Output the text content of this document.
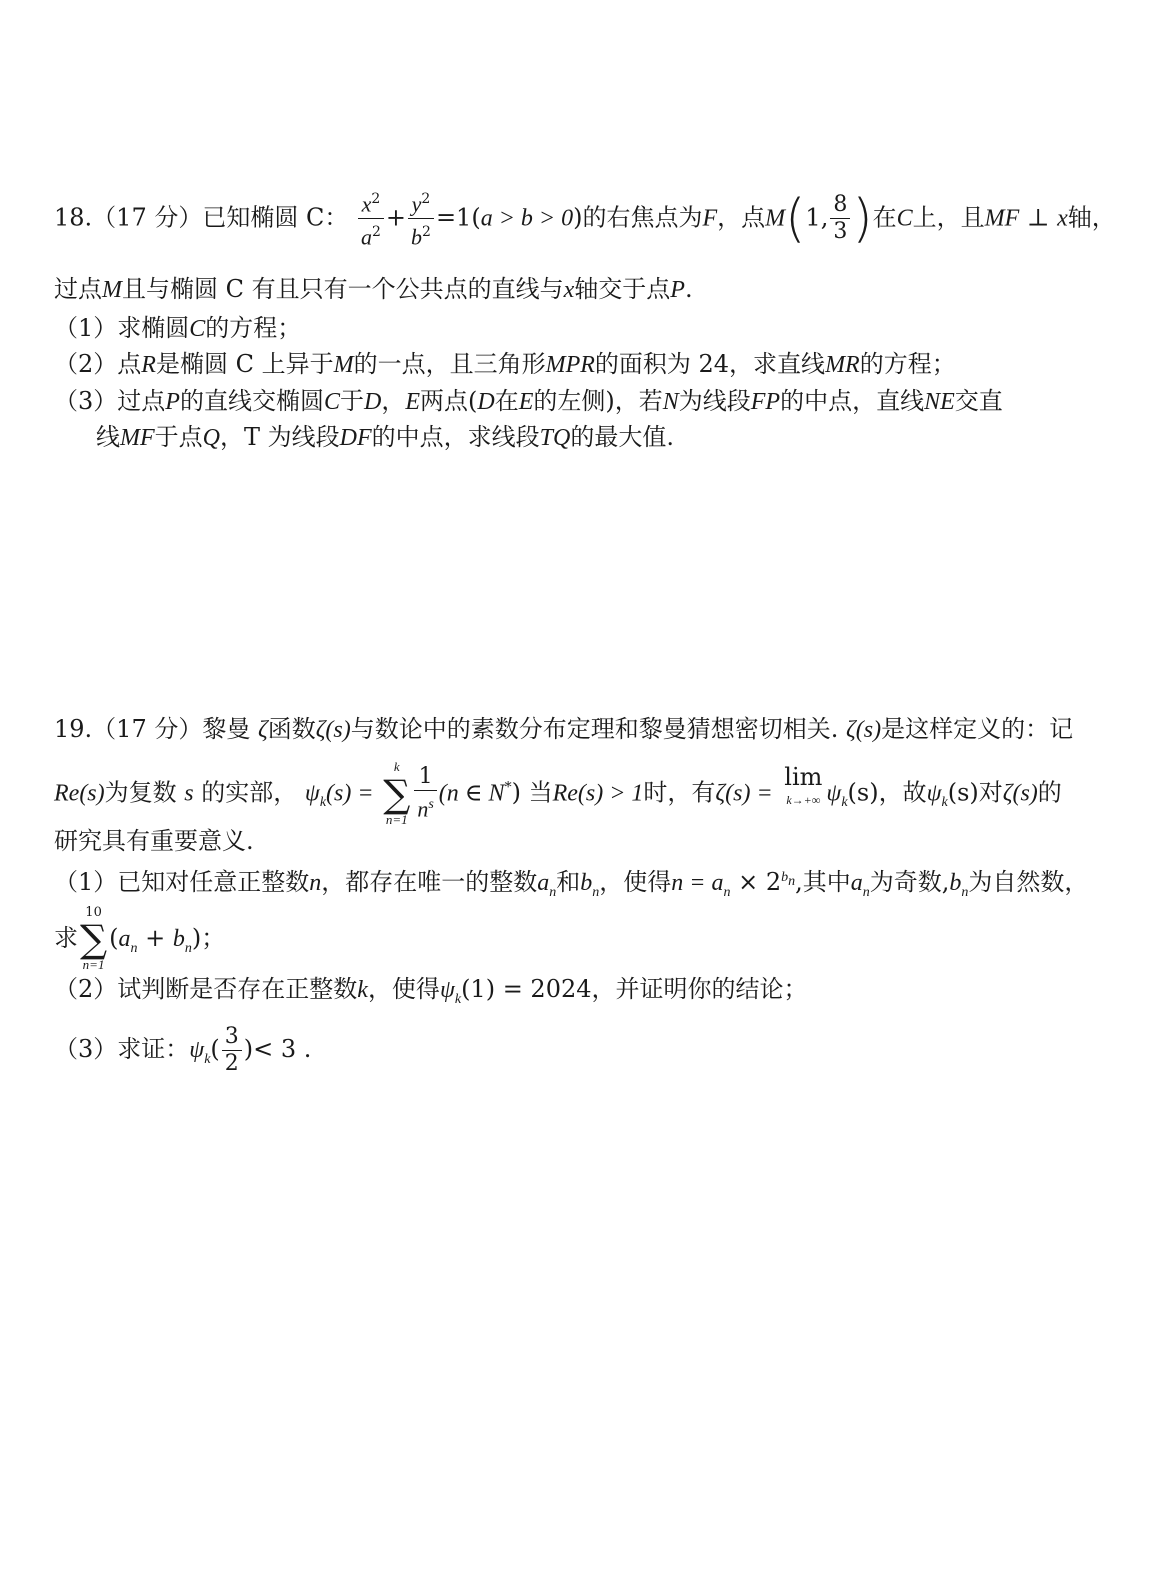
18.（17 分）已知椭圆 C： $\frac{x^2}{a^2} + \frac{y^2}{b^2} =1(a > b > 0)$的右焦点为F，点M(1, $\frac{8}{3}$ )在C上，且MF ⊥ x轴，
过点M且与椭圆 C 有且只有一个公共点的直线与x轴交于点P.
（1）求椭圆C的方程；
（2）点R是椭圆 C 上异于M的一点，且三角形MPR的面积为 24，求直线MR的方程；
（3）过点P的直线交椭圆C于D，E两点(D在E的左侧)，若N为线段FP的中点，直线NE交直
线MF于点Q，T 为线段DF的中点，求线段TQ的最大值.
19.（17 分）黎曼 ζ函数ζ(s)与数论中的素数分布定理和黎曼猜想密切相关. ζ(s)是这样定义的：记
Re(s)为复数 s 的实部， $\psi_k(s)$ =
k
∑
$n=1 \frac{1}{n^s} (n$ ∈ N*) 当Re(s) > 1时，有ζ(s) =
lim
k→+∞ $\psi_k(s)$，故$\psi_k(s)$对ζ(s)的
研究具有重要意义.
（1）已知对任意正整数n，都存在唯一的整数$a_n$和$b_n$，使得$n = a_n \times 2^{b_n}$,其中$a_n$为奇数$,b_n$为自然数，
求
10
∑
n=1
$(a_n + b_n)$；
（2）试判断是否存在正整数k，使得$\psi_k(1) = 2024$，并证明你的结论；
（3）求证：$\psi_k( \frac{3}{2}$ )< 3 .
